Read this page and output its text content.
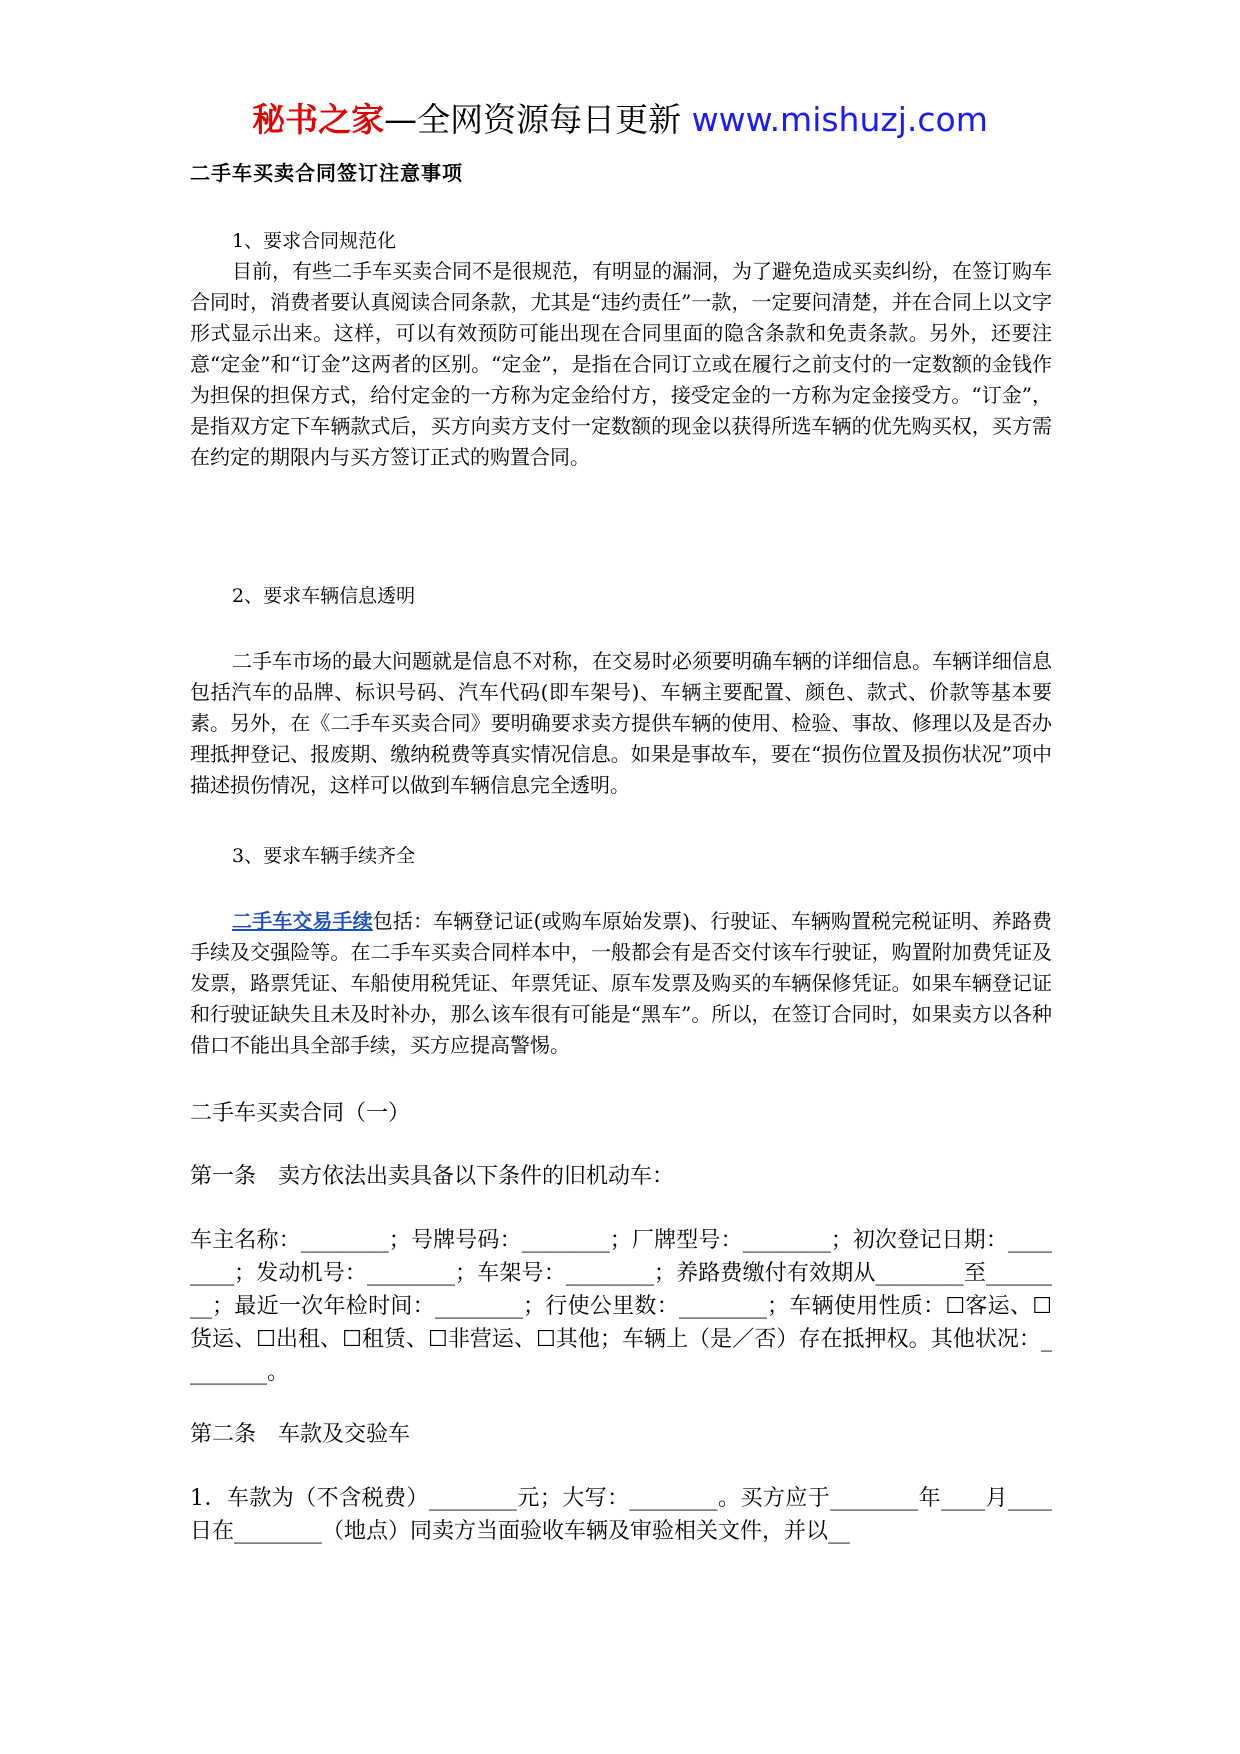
秘书之家—全网资源每日更新 www.mishuzj.com
二手车买卖合同签订注意事项
1、要求合同规范化

目前，有些二手车买卖合同不是很规范，有明显的漏洞，为了避免造成买卖纠纷，在签订购车合同时，消费者要认真阅读合同条款，尤其是“违约责任”一款，一定要问清楚，并在合同上以文字形式显示出来。这样，可以有效预防可能出现在合同里面的隐含条款和免责条款。另外，还要注意“定金”和“订金”这两者的区别。“定金”，是指在合同订立或在履行之前支付的一定数额的金钱作为担保的担保方式，给付定金的一方称为定金给付方，接受定金的一方称为定金接受方。“订金”，是指双方定下车辆款式后，买方向卖方支付一定数额的现金以获得所选车辆的优先购买权，买方需在约定的期限内与买方签订正式的购置合同。

2、要求车辆信息透明

二手车市场的最大问题就是信息不对称，在交易时必须要明确车辆的详细信息。车辆详细信息包括汽车的品牌、标识号码、汽车代码(即车架号)、车辆主要配置、颜色、款式、价款等基本要素。另外，在《二手车买卖合同》要明确要求卖方提供车辆的使用、检验、事故、修理以及是否办理抵押登记、报废期、缴纳税费等真实情况信息。如果是事故车，要在“损伤位置及损伤状况”项中描述损伤情况，这样可以做到车辆信息完全透明。

3、要求车辆手续齐全

二手车交易手续包括：车辆登记证(或购车原始发票)、行驶证、车辆购置税完税证明、养路费手续及交强险等。在二手车买卖合同样本中，一般都会有是否交付该车行驶证，购置附加费凭证及发票，路票凭证、车船使用税凭证、年票凭证、原车发票及购买的车辆保修凭证。如果车辆登记证和行驶证缺失且未及时补办，那么该车很有可能是“黑车”。所以，在签订合同时，如果卖方以各种借口不能出具全部手续，买方应提高警惕。

二手车买卖合同（一）
第一条　卖方依法出卖具备以下条件的旧机动车：

车主名称：________；号牌号码：________；厂牌型号：________；初次登记日期：________；发动机号：________；车架号：________；养路费缴付有效期从________至________；最近一次年检时间：________；行使公里数：________；车辆使用性质：☐客运、☐货运、☐出租、☐租赁、☐非营运、☐其他；车辆上（是／否）存在抵押权。其他状况：________。

第二条　车款及交验车

1．车款为（不含税费）________元；大写：________。买方应于________年____月____日在________（地点）同卖方当面验收车辆及审验相关文件，并以__
